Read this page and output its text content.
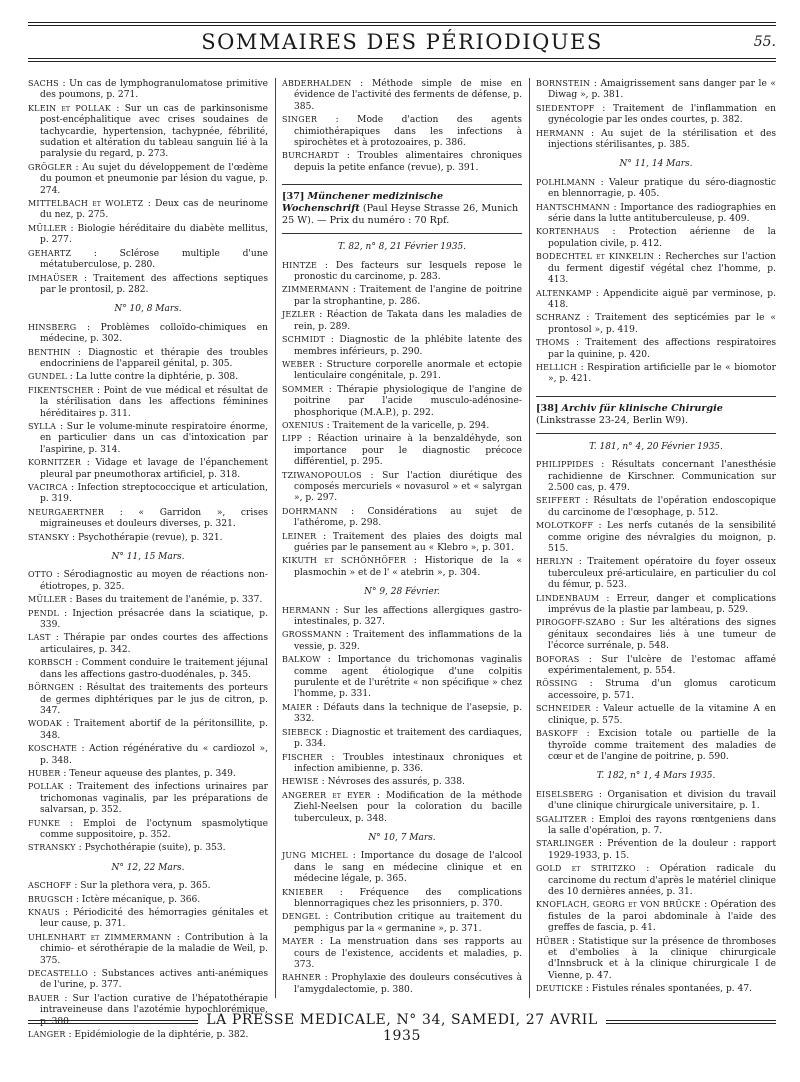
SOMMAIRES DES PÉRIODIQUES	55.
SACHS : Un cas de lymphogranulomatose primitive des poumons, p. 271.
KLEIN et POLLAK : Sur un cas de parkinsonisme post-encéphalitique avec crises soudaines de tachycardie, hypertension, tachypnée, fébrilité, sudation et altération du tableau sanguin lié à la paralysie du regard, p. 273.
GRÖGLER : Au sujet du développement de l'œdème du poumon et pneumonie par lésion du vague, p. 274.
MITTELBACH et WOLETZ : Deux cas de neurinome du nez, p. 275.
MÜLLER : Biologie héréditaire du diabète mellitus, p. 277.
GEHARTZ : Sclérose multiple d'une métatuberculose, p. 280.
IMHAÜSER : Traitement des affections septiques par le prontosil, p. 282.
N° 10, 8 Mars.
HINSBERG : Problèmes colloïdo-chimiques en médecine, p. 302.
BENTHIN : Diagnostic et thérapie des troubles endocriniens de l'appareil génital, p. 305.
GUNDEL : La lutte contre la diphtérie, p. 308.
FIKENTSCHER : Point de vue médical et résultat de la stérilisation dans les affections féminines héréditaires p. 311.
SYLLA : Sur le volume-minute respiratoire énorme, en particulier dans un cas d'intoxication par l'aspirine, p. 314.
KORNITZER : Vidage et lavage de l'épanchement pleural par pneumothorax artificiel, p. 318.
VACIRCA : Infection streptococcique et articulation, p. 319.
NEURGAERTNER : « Garridon », crises migraineuses et douleurs diverses, p. 321.
STANSKY : Psychothérapie (revue), p. 321.
N° 11, 15 Mars.
OTTO : Sérodiagnostic au moyen de réactions non-étiotropes, p. 325.
MÜLLER : Bases du traitement de l'anémie, p. 337.
PENDL : Injection présacrée dans la sciatique, p. 339.
LAST : Thérapie par ondes courtes des affections articulaires, p. 342.
KORBSCH : Comment conduire le traitement jéjunal dans les affections gastro-duodénales, p. 345.
BÖRNGEN : Résultat des traitements des porteurs de germes diphtériques par le jus de citron, p. 347.
WODAK : Traitement abortif de la péritonsillite, p. 348.
KOSCHATE : Action régénérative du « cardiozol », p. 348.
HUBER : Teneur aqueuse des plantes, p. 349.
POLLAK : Traitement des infections urinaires par trichomonas vaginalis, par les préparations de salvarsan, p. 352.
FUNKE : Emploi de l'octynum spasmolytique comme suppositoire, p. 352.
STRANSKY : Psychothérapie (suite), p. 353.
N° 12, 22 Mars.
ASCHOFF : Sur la plethora vera, p. 365.
BRUGSCH : Ictère mécanique, p. 366.
KNAUS : Périodicité des hémorragies génitales et leur cause, p. 371.
UHLENHART et ZIMMERMANN : Contribution à la chimio- et sérothérapie de la maladie de Weil, p. 375.
DECASTELLO : Substances actives anti-anémiques de l'urine, p. 377.
BAUER : Sur l'action curative de l'hépatothérapie intraveineuse dans l'azotémie hypochlorémique, p. 380.
LANGER : Epidémiologie de la diphtérie, p. 382.
ABDERHALDEN : Méthode simple de mise en évidence de l'activité des ferments de défense, p. 385.
SINGER : Mode d'action des agents chimiothérapiques dans les infections à spirochètes et à protozoaires, p. 386.
BURCHARDT : Troubles alimentaires chroniques depuis la petite enfance (revue), p. 391.
[37] Münchener medizinische Wochenschrift (Paul Heyse Strasse 26, Munich 25 W). — Prix du numéro : 70 Rpf.
T. 82, n° 8, 21 Février 1935.
HINTZE : Des facteurs sur lesquels repose le pronostic du carcinome, p. 283.
ZIMMERMANN : Traitement de l'angine de poitrine par la strophantine, p. 286.
JEZLER : Réaction de Takata dans les maladies de rein, p. 289.
SCHMIDT : Diagnostic de la phlébite latente des membres inférieurs, p. 290.
WEBER : Structure corporelle anormale et ectopie lenticulaire congénitale, p. 291.
SOMMER : Thérapie physiologique de l'angine de poitrine par l'acide musculo-adénosine-phosphorique (M.A.P.), p. 292.
OXENIUS : Traitement de la varicelle, p. 294.
LIPP : Réaction urinaire à la benzaldéhyde, son importance pour le diagnostic précoce différentiel, p. 295.
TZIWANOPOULOS : Sur l'action diurétique des composés mercuriels « novasurol » et « salyrgan », p. 297.
DOHRMANN : Considérations au sujet de l'athérome, p. 298.
LEINER : Traitement des plaies des doigts mal guéries par le pansement au « Klebro », p. 301.
KIKUTH et SCHÖNHÖFER : Historique de la « plasmochin » et de l' « atebrin », p. 304.
N° 9, 28 Février.
HERMANN : Sur les affections allergiques gastro-intestinales, p. 327.
GROSSMANN : Traitement des inflammations de la vessie, p. 329.
BALKOW : Importance du trichomonas vaginalis comme agent étiologique d'une colpitis purulente et de l'urétrite « non spécifique » chez l'homme, p. 331.
MAIER : Défauts dans la technique de l'asepsie, p. 332.
SIEBECK : Diagnostic et traitement des cardiaques, p. 334.
FISCHER : Troubles intestinaux chroniques et infection amibienne, p. 336.
HEWISE : Névroses des assurés, p. 338.
ANGERER et EYER : Modification de la méthode Ziehl-Neelsen pour la coloration du bacille tuberculeux, p. 348.
N° 10, 7 Mars.
JUNG MICHEL : Importance du dosage de l'alcool dans le sang en médecine clinique et en médecine légale, p. 365.
KNIEBER : Fréquence des complications blennorragiques chez les prisonniers, p. 370.
DENGEL : Contribution critique au traitement du pemphigus par la « germanine », p. 371.
MAYER : La menstruation dans ses rapports au cours de l'existence, accidents et maladies, p. 373.
RAHNER : Prophylaxie des douleurs consécutives à l'amygdalectomie, p. 380.
BORNSTEIN : Amaigrissement sans danger par le « Diwag », p. 381.
SIEDENTOPF : Traitement de l'inflammation en gynécologie par les ondes courtes, p. 382.
HERMANN : Au sujet de la stérilisation et des injections stérilisantes, p. 385.
N° 11, 14 Mars.
POLHLMANN : Valeur pratique du séro-diagnostic en blennorragie, p. 405.
HANTSCHMANN : Importance des radiographies en série dans la lutte antituberculeuse, p. 409.
KORTENHAUS : Protection aérienne de la population civile, p. 412.
BODECHTEL et KINKELIN : Recherches sur l'action du ferment digestif végétal chez l'homme, p. 413.
ALTENKAMP : Appendicite aiguë par verminose, p. 418.
SCHRANZ : Traitement des septicémies par le « prontosol », p. 419.
THOMS : Traitement des affections respiratoires par la quinine, p. 420.
HELLICH : Respiration artificielle par le « biomotor », p. 421.
[38] Archiv für klinische Chirurgie (Linkstrasse 23-24, Berlin W9).
T. 181, n° 4, 20 Février 1935.
PHILIPPIDES : Résultats concernant l'anesthésie rachidienne de Kirschner. Communication sur 2.500 cas, p. 479.
SEIFFERT : Résultats de l'opération endoscopique du carcinome de l'œsophage, p. 512.
MOLOTKOFF : Les nerfs cutanés de la sensibilité comme origine des névralgies du moignon, p. 515.
HERLYN : Traitement opératoire du foyer osseux tuberculeux pré-articulaire, en particulier du col du fémur, p. 523.
LINDENBAUM : Erreur, danger et complications imprévus de la plastie par lambeau, p. 529.
PIROGOFF-SZABO : Sur les altérations des signes génitaux secondaires liés à une tumeur de l'écorce surrénale, p. 548.
BOFORAS : Sur l'ulcère de l'estomac affamé expérimentalement, p. 554.
RÖSSING : Struma d'un glomus caroticum accessoire, p. 571.
SCHNEIDER : Valeur actuelle de la vitamine A en clinique, p. 575.
BASKOFF : Excision totale ou partielle de la thyroïde comme traitement des maladies de cœur et de l'angine de poitrine, p. 590.
T. 182, n° 1, 4 Mars 1935.
EISELSBERG : Organisation et division du travail d'une clinique chirurgicale universitaire, p. 1.
SGALITZER : Emploi des rayons rœntgeniens dans la salle d'opération, p. 7.
STARLINGER : Prévention de la douleur : rapport 1929-1933, p. 15.
GOLD et STRITZKO : Opération radicale du carcinome du rectum d'après le matériel clinique des 10 dernières années, p. 31.
KNOFLACH, GEORG et VON BRÜCKE : Opération des fistules de la paroi abdominale à l'aide des greffes de fascia, p. 41.
HÜBER : Statistique sur la présence de thromboses et d'embolies à la clinique chirurgicale d'Innsbruck et à la clinique chirurgicale I de Vienne, p. 47.
DEUTICKE : Fistules rénales spontanées, p. 47.
LA PRESSE MEDICALE, N° 34, SAMEDI, 27 AVRIL 1935
